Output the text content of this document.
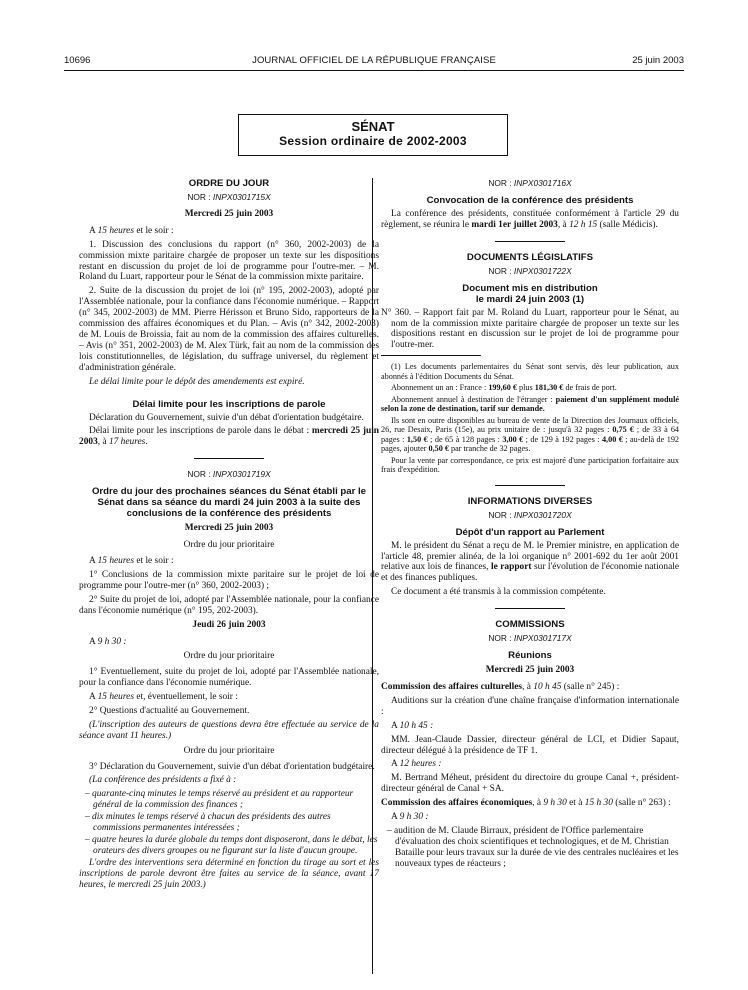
10696	JOURNAL OFFICIEL DE LA RÉPUBLIQUE FRANÇAISE	25 juin 2003
SÉNAT
Session ordinaire de 2002-2003
ORDRE DU JOUR
NOR : INPX0301715X
Mercredi 25 juin 2003

A 15 heures et le soir :

1. Discussion des conclusions du rapport (n° 360, 2002-2003) de la commission mixte paritaire chargée de proposer un texte sur les dispositions restant en discussion du projet de loi de programme pour l'outre-mer. – M. Roland du Luart, rapporteur pour le Sénat de la commission mixte paritaire.

2. Suite de la discussion du projet de loi (n° 195, 2002-2003), adopté par l'Assemblée nationale, pour la confiance dans l'économie numérique. – Rapport (n° 345, 2002-2003) de MM. Pierre Hérisson et Bruno Sido, rapporteurs de la commission des affaires économiques et du Plan. – Avis (n° 342, 2002-2003) de M. Louis de Broissia, fait au nom de la commission des affaires culturelles. – Avis (n° 351, 2002-2003) de M. Alex Türk, fait au nom de la commission des lois constitutionnelles, de législation, du suffrage universel, du règlement et d'administration générale.

Le délai limite pour le dépôt des amendements est expiré.

Délai limite pour les inscriptions de parole

Déclaration du Gouvernement, suivie d'un débat d'orientation budgétaire.

Délai limite pour les inscriptions de parole dans le débat : mercredi 25 juin 2003, à 17 heures.

NOR : INPX0301719X
Ordre du jour des prochaines séances du Sénat établi par le Sénat dans sa séance du mardi 24 juin 2003 à la suite des conclusions de la conférence des présidents
Mercredi 25 juin 2003
Ordre du jour prioritaire

A 15 heures et le soir :

1° Conclusions de la commission mixte paritaire sur le projet de loi de programme pour l'outre-mer (n° 360, 2002-2003) ;

2° Suite du projet de loi, adopté par l'Assemblée nationale, pour la confiance dans l'économie numérique (n° 195, 202-2003).

Jeudi 26 juin 2003

A 9 h 30 :

Ordre du jour prioritaire

1° Eventuellement, suite du projet de loi, adopté par l'Assemblée nationale, pour la confiance dans l'économie numérique.

A 15 heures et, éventuellement, le soir :

2° Questions d'actualité au Gouvernement.

(L'inscription des auteurs de questions devra être effectuée au service de la séance avant 11 heures.)

Ordre du jour prioritaire

3° Déclaration du Gouvernement, suivie d'un débat d'orientation budgétaire.

(La conférence des présidents a fixé à :

– quarante-cinq minutes le temps réservé au président et au rapporteur général de la commission des finances ;
– dix minutes le temps réservé à chacun des présidents des autres commissions permanentes intéressées ;
– quatre heures la durée globale du temps dont disposeront, dans le débat, les orateurs des divers groupes ou ne figurant sur la liste d'aucun groupe.

L'ordre des interventions sera déterminé en fonction du tirage au sort et les inscriptions de parole devront être faites au service de la séance, avant 17 heures, le mercredi 25 juin 2003.)

NOR : INPX0301716X
Convocation de la conférence des présidents

La conférence des présidents, constituée conformément à l'article 29 du règlement, se réunira le mardi 1er juillet 2003, à 12 h 15 (salle Médicis).

DOCUMENTS LÉGISLATIFS
NOR : INPX0301722X
Document mis en distribution
le mardi 24 juin 2003 (1)

N° 360. – Rapport fait par M. Roland du Luart, rapporteur pour le Sénat, au nom de la commission mixte paritaire chargée de proposer un texte sur les dispositions restant en discussion sur le projet de loi de programme pour l'outre-mer.

(1) Les documents parlementaires du Sénat sont servis, dès leur publication, aux abonnés à l'édition Documents du Sénat.

Abonnement un an : France : 199,60 € plus 181,30 € de frais de port.

Abonnement annuel à destination de l'étranger : paiement d'un supplément modulé selon la zone de destination, tarif sur demande.

Ils sont en outre disponibles au bureau de vente de la Direction des Journaux officiels, 26, rue Desaix, Paris (15e), au prix unitaire de : jusqu'à 32 pages : 0,75 € ; de 33 à 64 pages : 1,50 € ; de 65 à 128 pages : 3,00 € ; de 129 à 192 pages : 4,00 € ; au-delà de 192 pages, ajouter 0,50 € par tranche de 32 pages.

Pour la vente par correspondance, ce prix est majoré d'une participation forfaitaire aux frais d'expédition.

INFORMATIONS DIVERSES
NOR : INPX0301720X
Dépôt d'un rapport au Parlement

M. le président du Sénat a reçu de M. le Premier ministre, en application de l'article 48, premier alinéa, de la loi organique n° 2001-692 du 1er août 2001 relative aux lois de finances, le rapport sur l'évolution de l'économie nationale et des finances publiques.

Ce document a été transmis à la commission compétente.

COMMISSIONS
NOR : INPX0301717X
Réunions
Mercredi 25 juin 2003

Commission des affaires culturelles, à 10 h 45 (salle n° 245) :

Auditions sur la création d'une chaîne française d'information internationale :

A 10 h 45 :

MM. Jean-Claude Dassier, directeur général de LCI, et Didier Sapaut, directeur délégué à la présidence de TF 1.

A 12 heures :

M. Bertrand Méheut, président du directoire du groupe Canal +, président-directeur général de Canal + SA.

Commission des affaires économiques, à 9 h 30 et à 15 h 30 (salle n° 263) :

A 9 h 30 :

– audition de M. Claude Birraux, président de l'Office parlementaire d'évaluation des choix scientifiques et technologiques, et de M. Christian Bataille pour leurs travaux sur la durée de vie des centrales nucléaires et les nouveaux types de réacteurs ;
